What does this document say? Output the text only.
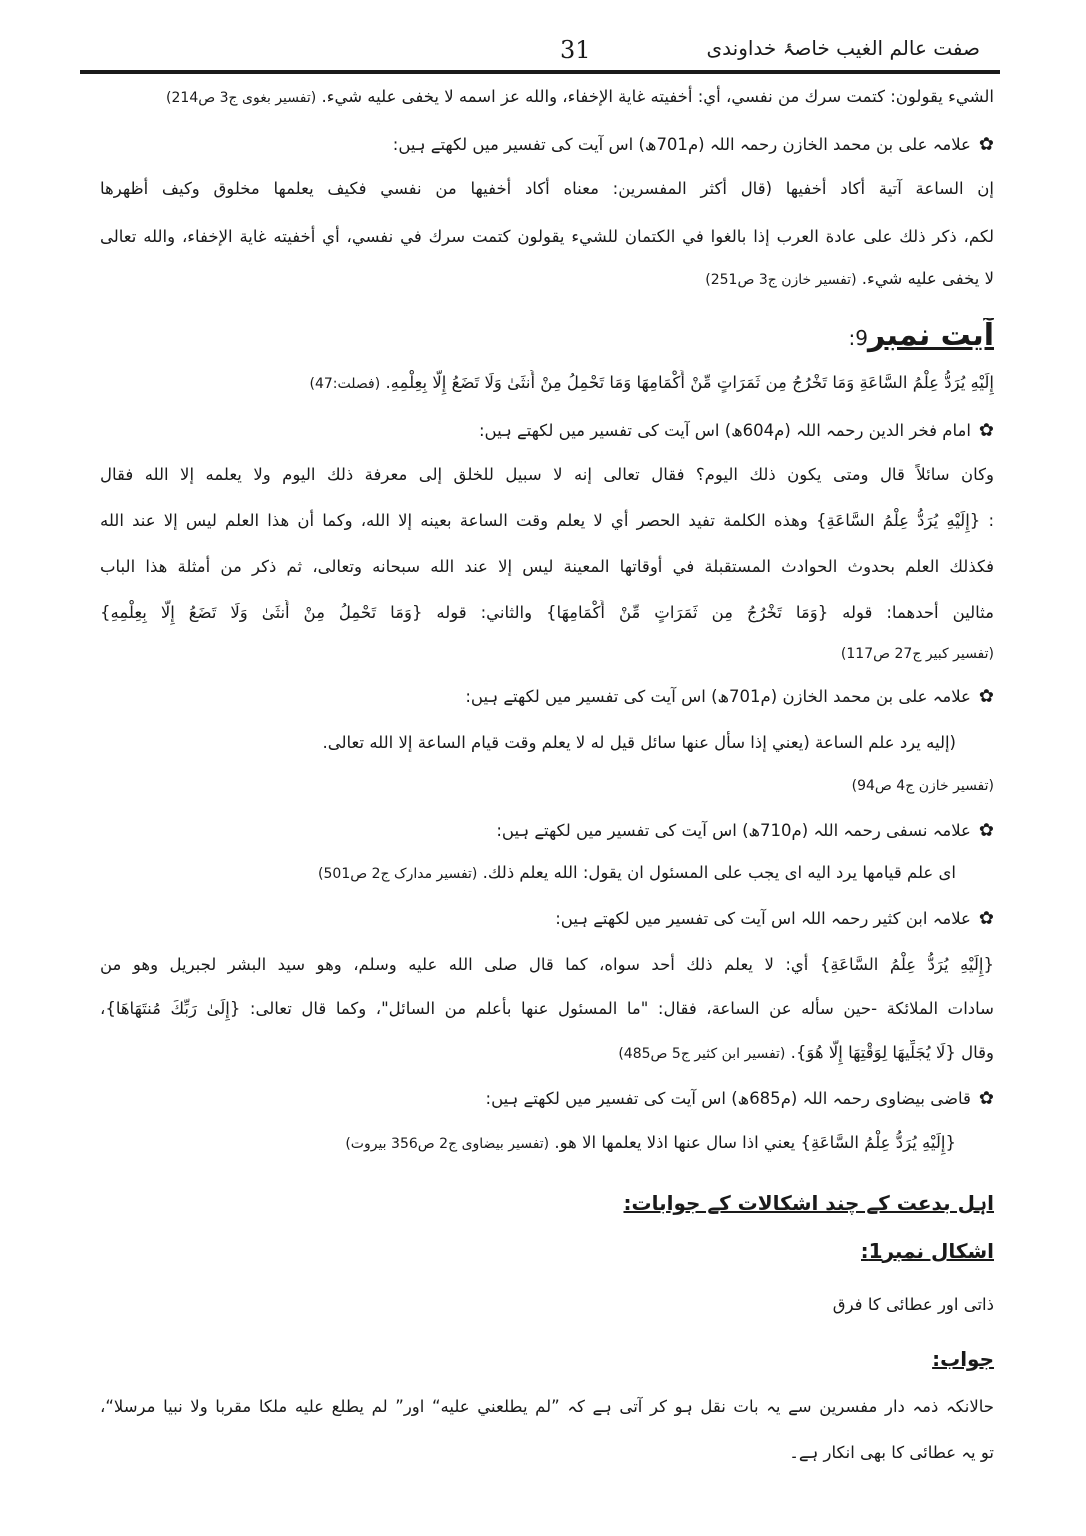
صفت عالم الغیب خاصۂ خداوندی
31
الشيء يقولون: كتمت سرك من نفسي، أي: أخفيته غاية الإخفاء، والله عز اسمه لا يخفى عليه شيء. (تفسیر بغوی ج3 ص214)
✿علامہ علی بن محمد الخازن رحمہ اللہ (م701ھ) اس آیت کی تفسیر میں لکھتے ہیں:
إن الساعة آتية أكاد أخفيها (قال أكثر المفسرين: معناه أكاد أخفيها من نفسي فكيف يعلمها مخلوق وكيف أظهرها
لكم، ذكر ذلك على عادة العرب إذا بالغوا في الكتمان للشيء يقولون كتمت سرك في نفسي، أي أخفيته غاية الإخفاء، والله تعالى
لا يخفى عليه شيء. (تفسیر خازن ج3 ص251)
آیت نمبر9:
إِلَيْهِ يُرَدُّ عِلْمُ السَّاعَةِ وَمَا تَخْرُجُ مِن ثَمَرَاتٍ مِّنْ أَكْمَامِهَا وَمَا تَحْمِلُ مِنْ أُنثَىٰ وَلَا تَضَعُ إِلَّا بِعِلْمِهِ. (فصلت:47)
✿امام فخر الدین رحمہ اللہ (م604ھ) اس آیت کی تفسیر میں لکھتے ہیں:
وكان سائلاً قال ومتى يكون ذلك اليوم؟ فقال تعالى إنه لا سبيل للخلق إلى معرفة ذلك اليوم ولا يعلمه إلا الله فقال
: {إِلَيْهِ يُرَدُّ عِلْمُ السَّاعَةِ} وهذه الكلمة تفيد الحصر أي لا يعلم وقت الساعة بعينه إلا الله، وكما أن هذا العلم ليس إلا عند الله
فكذلك العلم بحدوث الحوادث المستقبلة في أوقاتها المعينة ليس إلا عند الله سبحانه وتعالى، ثم ذكر من أمثلة هذا الباب
مثالين أحدهما: قوله {وَمَا تَخْرُجُ مِن ثَمَرَاتٍ مِّنْ أَكْمَامِهَا} والثاني: قوله {وَمَا تَحْمِلُ مِنْ أُنثَىٰ وَلَا تَضَعُ إِلَّا بِعِلْمِهِ}
(تفسیر کبیر ج27 ص117)
✿علامہ علی بن محمد الخازن (م701ھ) اس آیت کی تفسیر میں لکھتے ہیں:
(إليه يرد علم الساعة (يعني إذا سأل عنها سائل قيل له لا يعلم وقت قيام الساعة إلا الله تعالى.
(تفسیر خازن ج4 ص94)
✿علامہ نسفی رحمہ اللہ (م710ھ) اس آیت کی تفسیر میں لکھتے ہیں:
اى علم قيامها يرد اليه اى يجب على المسئول ان يقول: الله يعلم ذلك. (تفسیر مدارک ج2 ص501)
✿علامہ ابن کثیر رحمہ اللہ اس آیت کی تفسیر میں لکھتے ہیں:
{إِلَيْهِ يُرَدُّ عِلْمُ السَّاعَةِ} أي: لا يعلم ذلك أحد سواه، كما قال صلى الله عليه وسلم، وهو سيد البشر لجبريل وهو من
سادات الملائكة -حين سأله عن الساعة، فقال: "ما المسئول عنها بأعلم من السائل"، وكما قال تعالى: {إِلَىٰ رَبِّكَ مُنتَهَاهَا}،
وقال {لَا يُجَلِّيهَا لِوَقْتِهَا إِلَّا هُوَ}. (تفسیر ابن کثیر ج5 ص485)
✿قاضی بیضاوی رحمہ اللہ (م685ھ) اس آیت کی تفسیر میں لکھتے ہیں:
{إِلَيْهِ يُرَدُّ عِلْمُ السَّاعَةِ} يعني اذا سال عنها اذلا يعلمها الا هو. (تفسیر بیضاوی ج2 ص356 بیروت)
اہل بدعت کے چند اشکالات کے جوابات:
اشکال نمبر1:
ذاتی اور عطائی کا فرق
جواب:
حالانکہ ذمہ دار مفسرین سے یہ بات نقل ہو کر آتی ہے کہ ”لم يطلعني عليه“ اور” لم يطلع عليه ملكا مقربا ولا نبيا مرسلا“،
تو یہ عطائی کا بھی انکار ہے۔
